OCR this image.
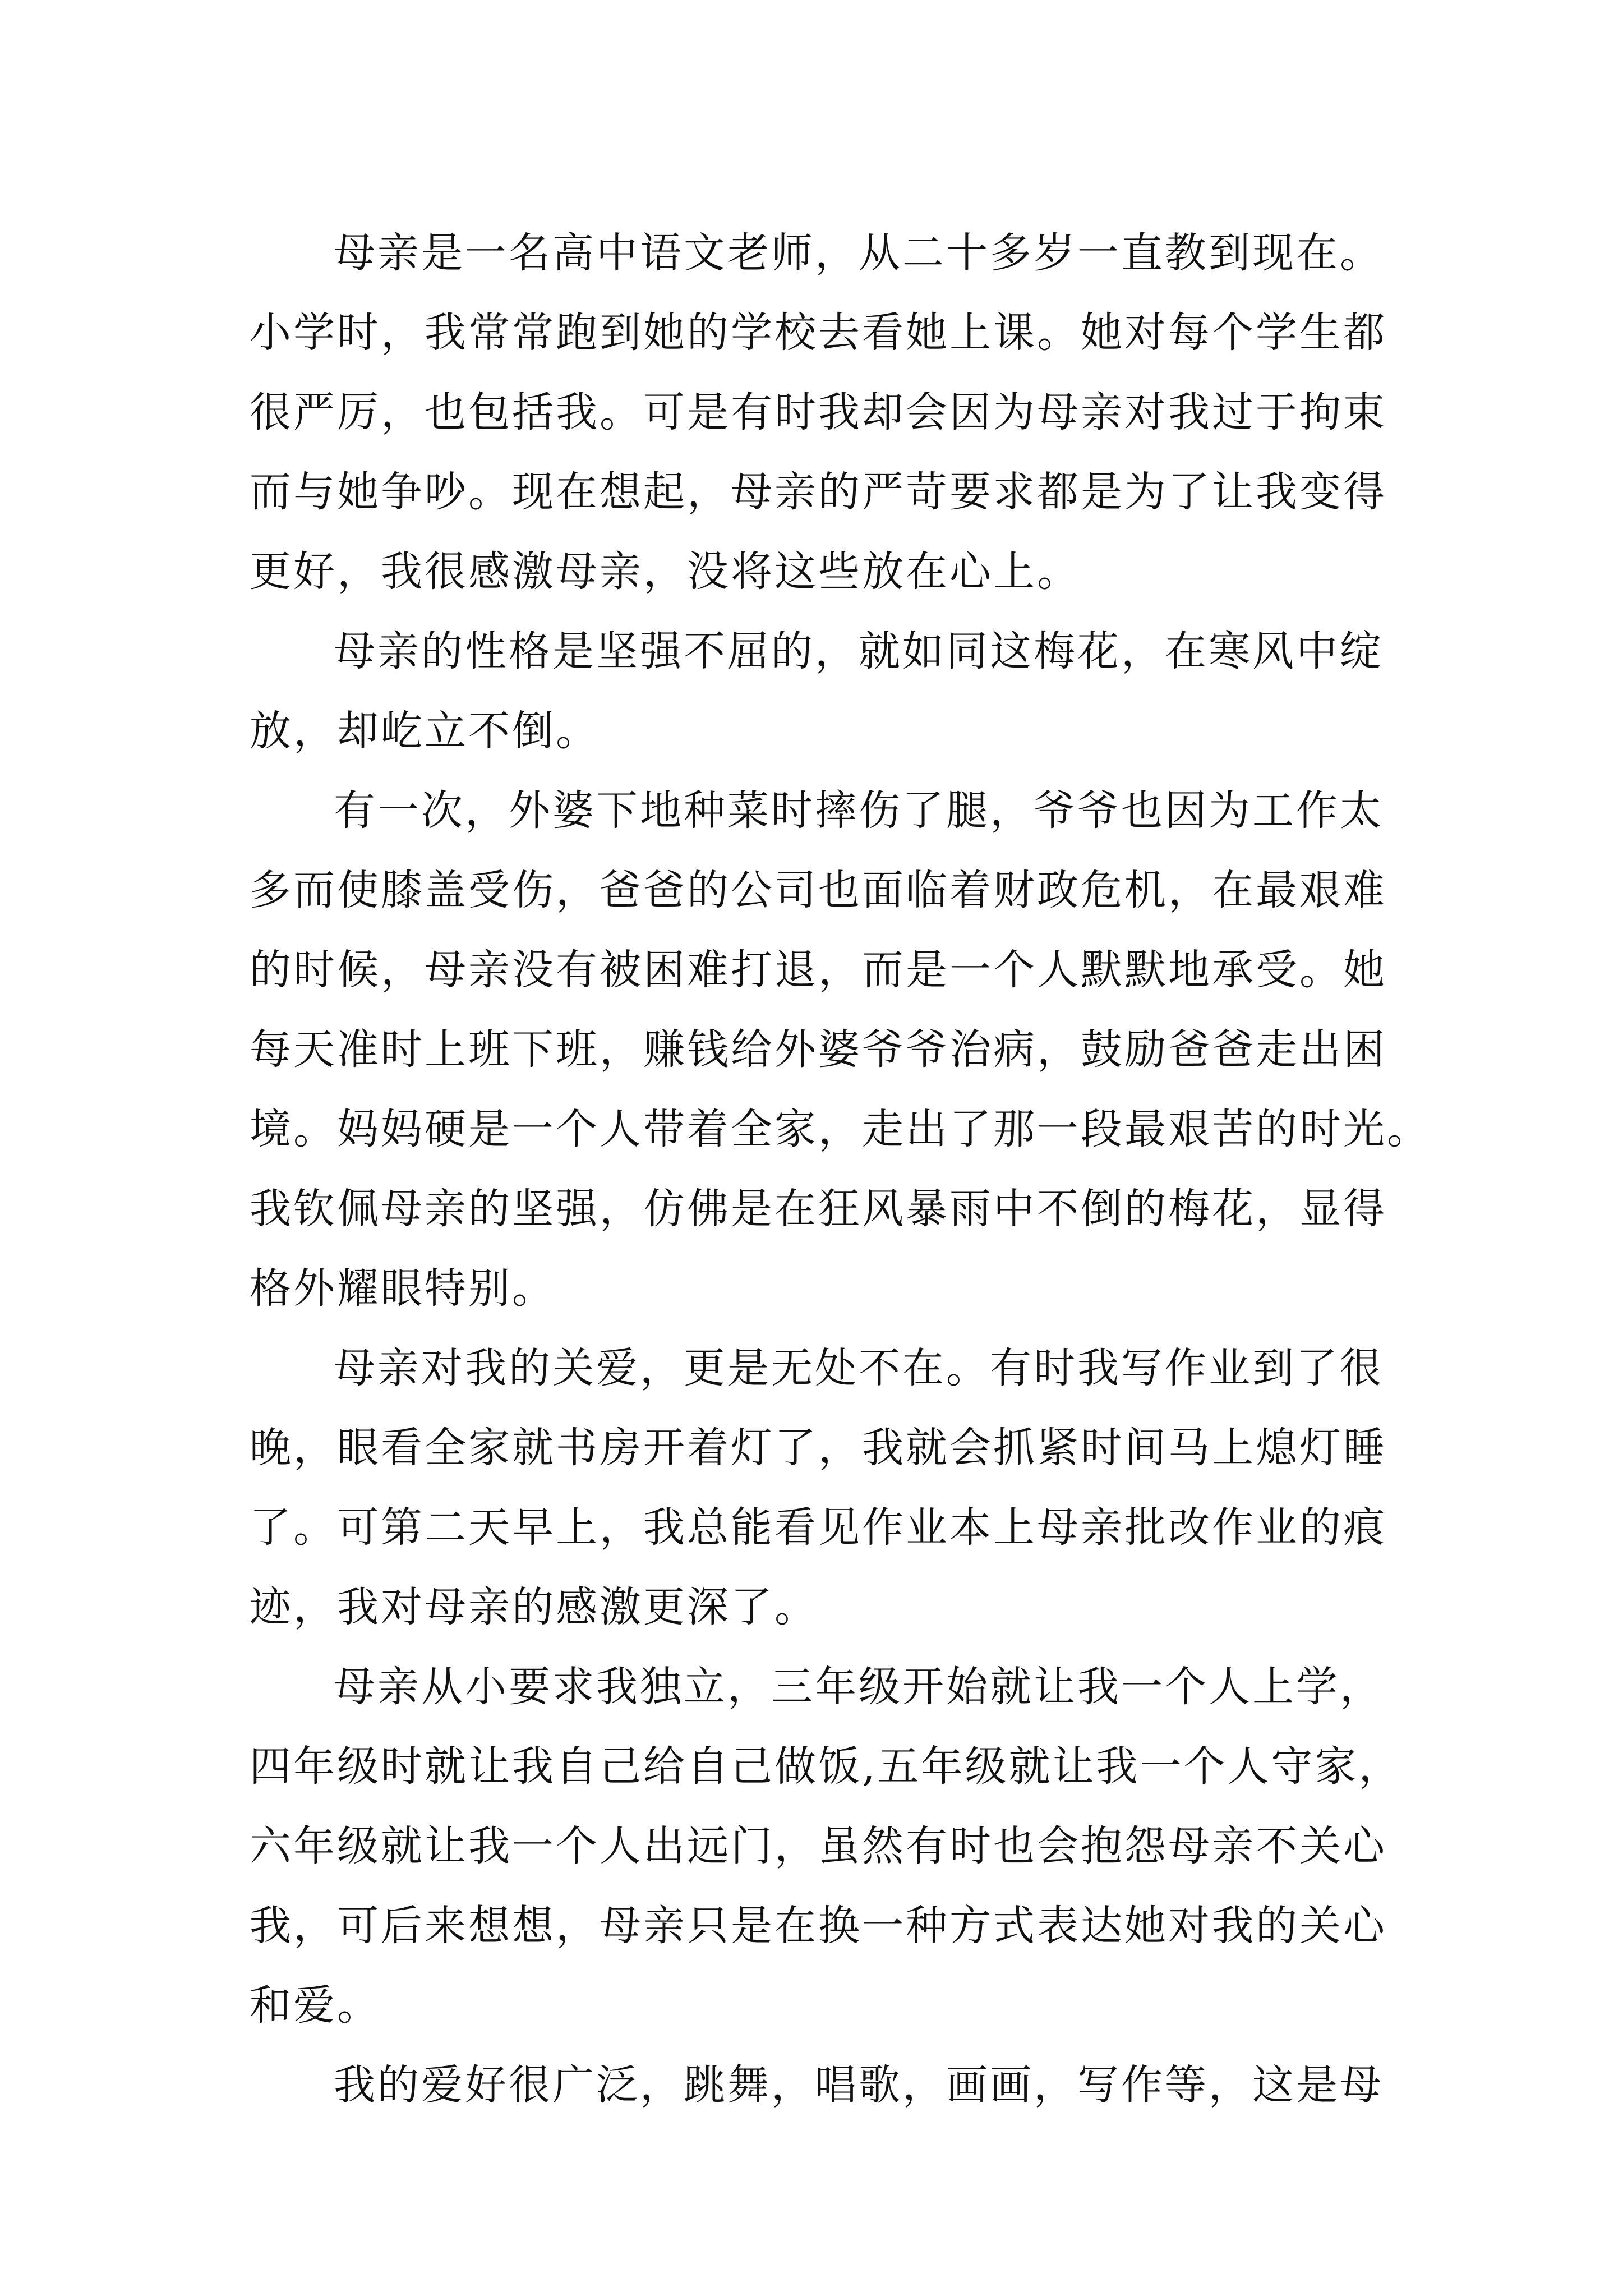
母亲是一名高中语文老师，从二十多岁一直教到现在。
小学时，我常常跑到她的学校去看她上课。她对每个学生都
很严厉，也包括我。可是有时我却会因为母亲对我过于拘束
而与她争吵。现在想起，母亲的严苛要求都是为了让我变得
更好，我很感激母亲，没将这些放在心上。
母亲的性格是坚强不屈的，就如同这梅花，在寒风中绽
放，却屹立不倒。
有一次，外婆下地种菜时摔伤了腿，爷爷也因为工作太
多而使膝盖受伤，爸爸的公司也面临着财政危机，在最艰难
的时候，母亲没有被困难打退，而是一个人默默地承受。她
每天准时上班下班，赚钱给外婆爷爷治病，鼓励爸爸走出困
境。妈妈硬是一个人带着全家，走出了那一段最艰苦的时光。
我钦佩母亲的坚强，仿佛是在狂风暴雨中不倒的梅花，显得
格外耀眼特别。
母亲对我的关爱，更是无处不在。有时我写作业到了很
晚，眼看全家就书房开着灯了，我就会抓紧时间马上熄灯睡
了。可第二天早上，我总能看见作业本上母亲批改作业的痕
迹，我对母亲的感激更深了。
母亲从小要求我独立，三年级开始就让我一个人上学，
四年级时就让我自己给自己做饭,五年级就让我一个人守家，
六年级就让我一个人出远门，虽然有时也会抱怨母亲不关心
我，可后来想想，母亲只是在换一种方式表达她对我的关心
和爱。
我的爱好很广泛，跳舞，唱歌，画画，写作等，这是母
